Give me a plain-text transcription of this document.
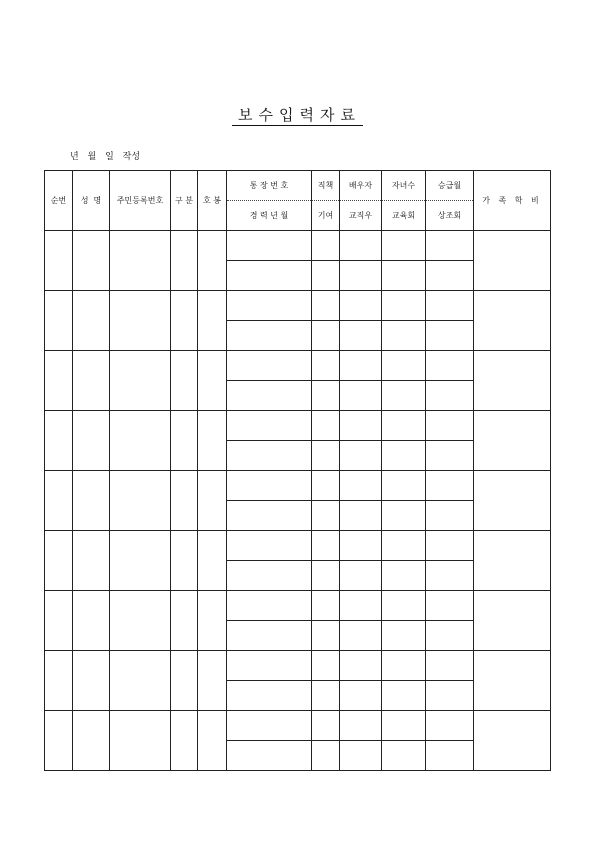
보수입력자료
년 월 일 작성
순번	성  명	주민등록번호	구 분	호 봉	통 장 번 호	직책	배우자	자녀수	승급월	가 족 학 비
					경 력 년 월	기여	교직우	교육회	상조회	
